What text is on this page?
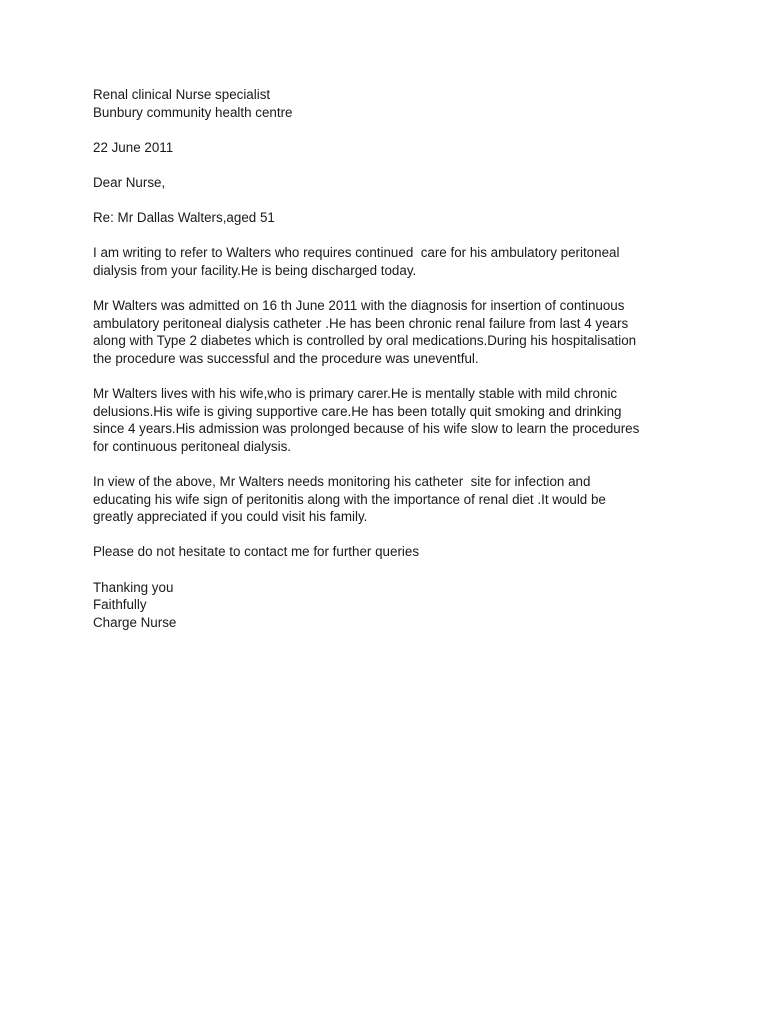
Renal clinical Nurse specialist
Bunbury community health centre
22 June 2011
Dear Nurse,
Re: Mr Dallas Walters,aged 51
I am writing to refer to Walters who requires continued  care for his ambulatory peritoneal
dialysis from your facility.He is being discharged today.
Mr Walters was admitted on 16 th June 2011 with the diagnosis for insertion of continuous
ambulatory peritoneal dialysis catheter .He has been chronic renal failure from last 4 years
along with Type 2 diabetes which is controlled by oral medications.During his hospitalisation
the procedure was successful and the procedure was uneventful.
Mr Walters lives with his wife,who is primary carer.He is mentally stable with mild chronic
delusions.His wife is giving supportive care.He has been totally quit smoking and drinking
since 4 years.His admission was prolonged because of his wife slow to learn the procedures
for continuous peritoneal dialysis.
In view of the above, Mr Walters needs monitoring his catheter  site for infection and
educating his wife sign of peritonitis along with the importance of renal diet .It would be
greatly appreciated if you could visit his family.
Please do not hesitate to contact me for further queries
Thanking you
Faithfully
Charge Nurse
